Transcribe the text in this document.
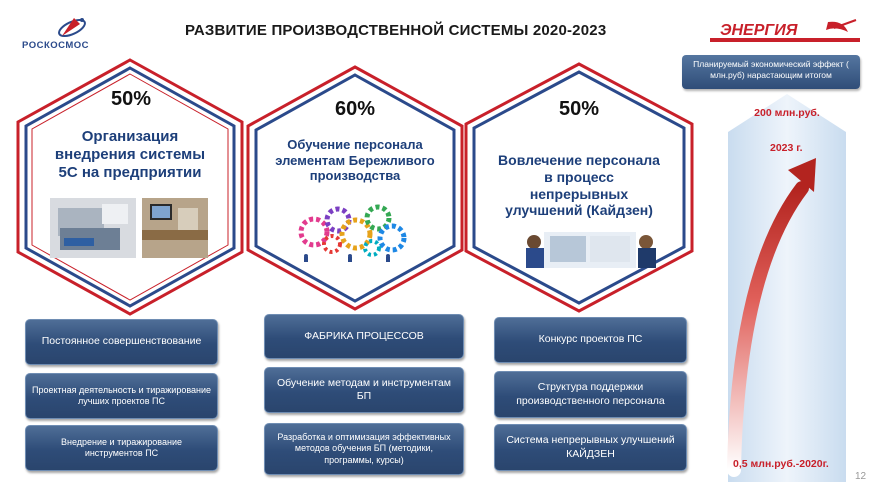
РОСКОСМОС
РАЗВИТИЕ ПРОИЗВОДСТВЕННОЙ СИСТЕМЫ 2020-2023	ЭНЕРГИЯ
50%
Организация
внедрения системы
5С на предприятии
60%
Обучение персонала
элементам Бережливого
производства
50%
Вовлечение персонала
в процесс
непрерывных
улучшений (Кайдзен)
Постоянное совершенствование
Проектная деятельность и тиражирование лучших проектов ПС
Внедрение и тиражирование инструментов ПС
ФАБРИКА ПРОЦЕССОВ
Обучение методам и инструментам БП
Разработка и оптимизация эффективных методов обучения БП (методики, программы, курсы)
Конкурс проектов ПС
Структура поддержки производственного персонала
Система непрерывных улучшений КАЙДЗЕН
Планируемый экономический эффект ( млн.руб) нарастающим итогом
200 млн.руб.
2023 г.
0,5 млн.руб.-2020г.
12
